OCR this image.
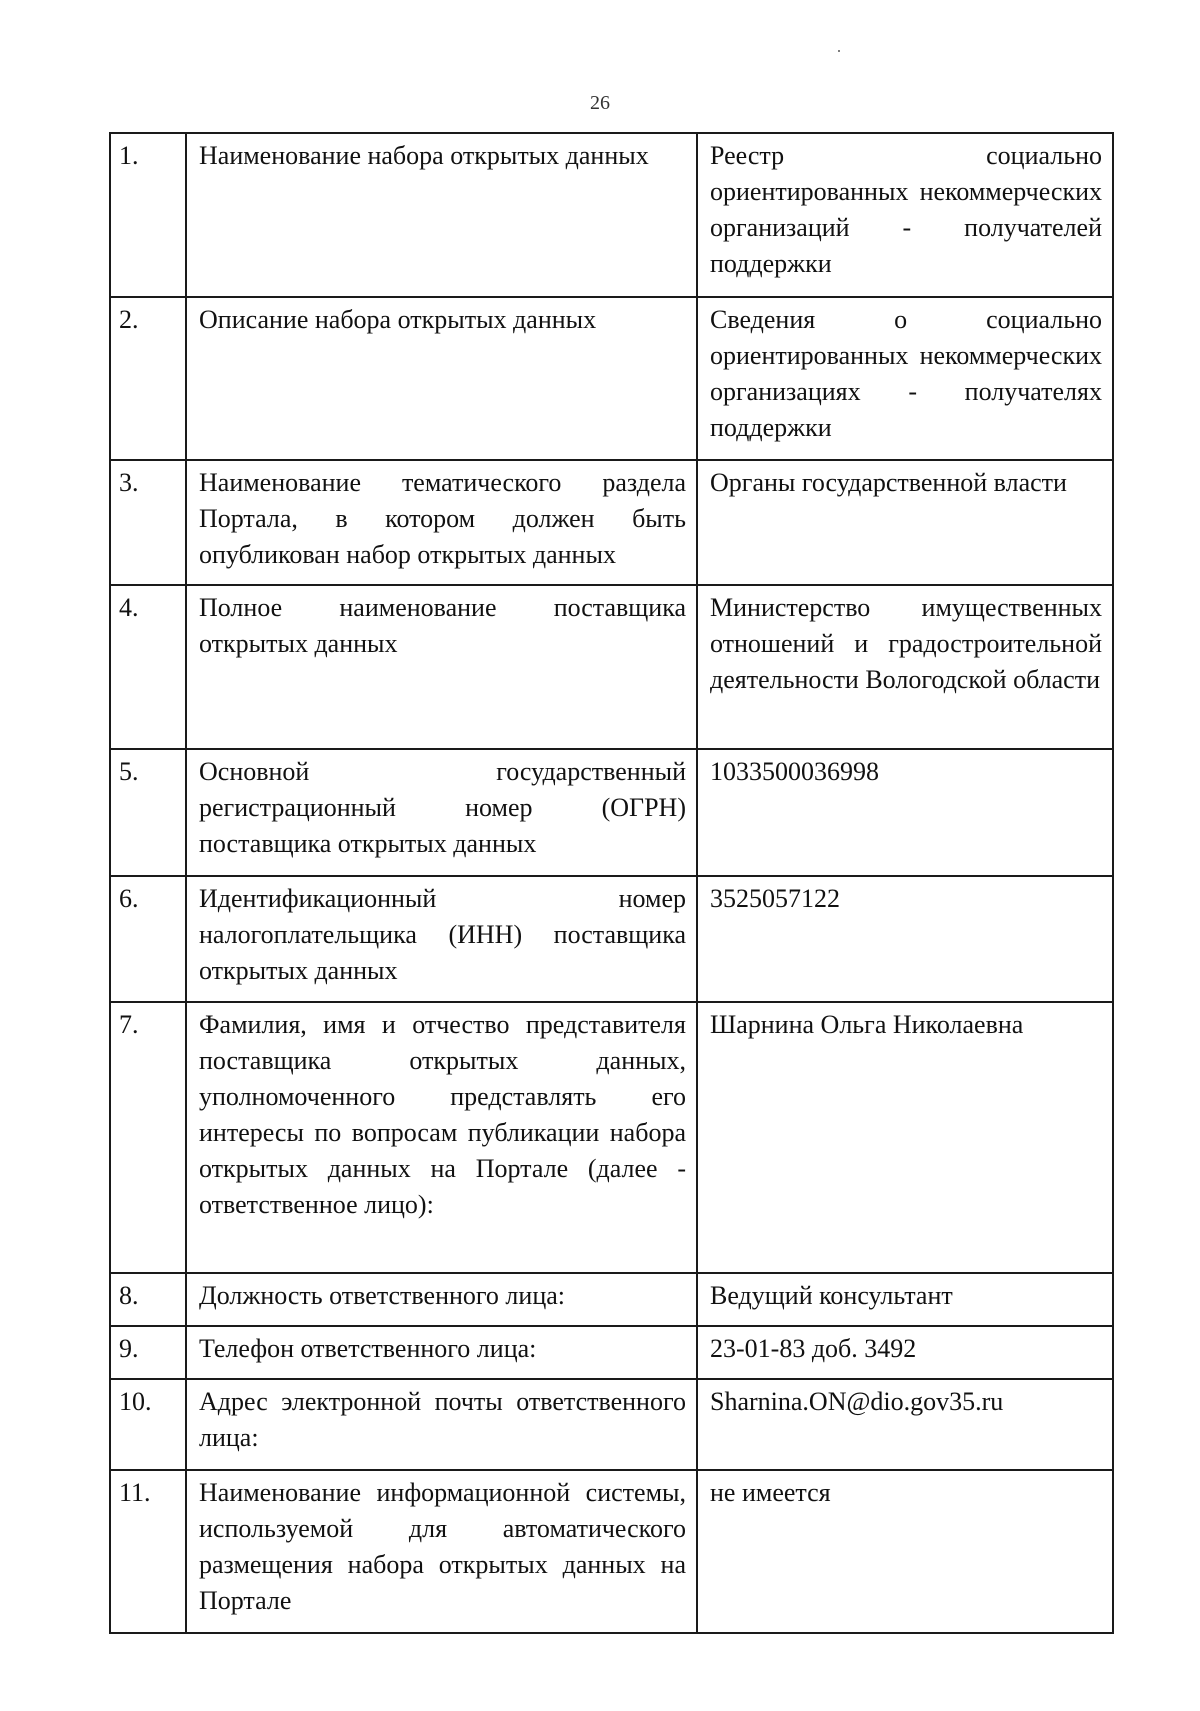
26
1.	Наименование набора открытых данных	Реестр социально ориентированных некоммерческих организаций - получателей поддержки
2.	Описание набора открытых данных	Сведения о социально ориентированных некоммерческих организациях - получателях поддержки
3.	Наименование тематического раздела Портала, в котором должен быть опубликован набор открытых данных	Органы государственной власти
4.	Полное наименование поставщика открытых данных	Министерство имущественных отношений и градостроительной деятельности Вологодской области
5.	Основной государственный регистрационный номер (ОГРН) поставщика открытых данных	1033500036998
6.	Идентификационный номер налогоплательщика (ИНН) поставщика открытых данных	3525057122
7.	Фамилия, имя и отчество представителя поставщика открытых данных, уполномоченного представлять его интересы по вопросам публикации набора открытых данных на Портале (далее - ответственное лицо):	Шарнина Ольга Николаевна
8.	Должность ответственного лица:	Ведущий консультант
9.	Телефон ответственного лица:	23-01-83 доб. 3492
10.	Адрес электронной почты ответственного лица:	Sharnina.ON@dio.gov35.ru
11.	Наименование информационной системы, используемой для автоматического размещения набора открытых данных на Портале	не имеется
